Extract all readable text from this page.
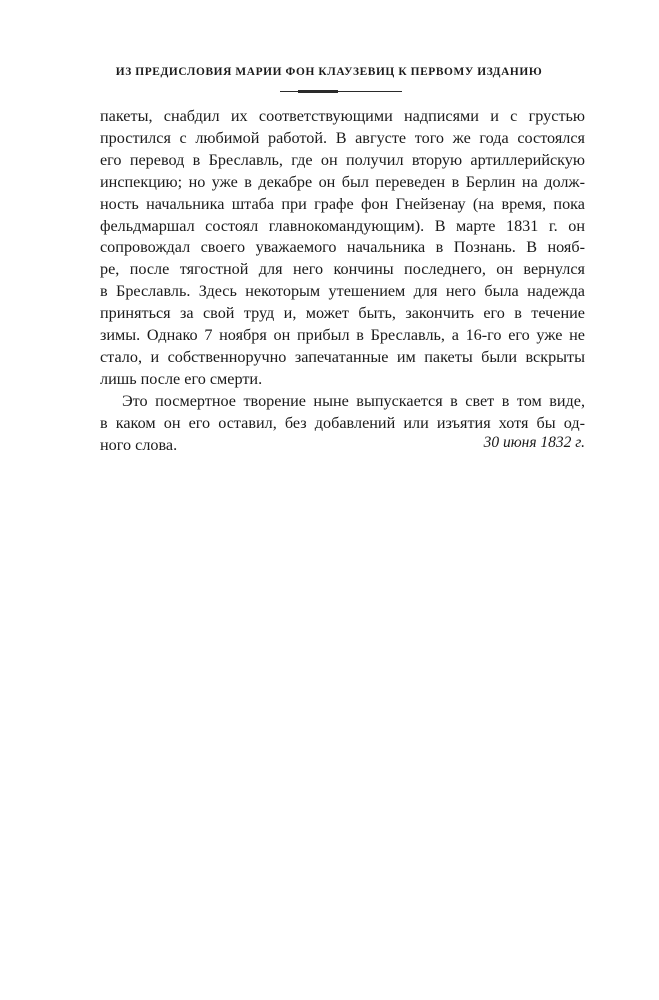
ИЗ ПРЕДИСЛОВИЯ МАРИИ ФОН КЛАУЗЕВИЦ К ПЕРВОМУ ИЗДАНИЮ
пакеты, снабдил их соответствующими надписями и с грустью
простился с любимой работой. В августе того же года состоялся
его перевод в Бреславль, где он получил вторую артиллерийскую
инспекцию; но уже в декабре он был переведен в Берлин на долж-
ность начальника штаба при графе фон Гнейзенау (на время, пока
фельдмаршал состоял главнокомандующим). В марте 1831 г. он
сопровождал своего уважаемого начальника в Познань. В нояб-
ре, после тягостной для него кончины последнего, он вернулся
в Бреславль. Здесь некоторым утешением для него была надежда
приняться за свой труд и, может быть, закончить его в течение
зимы. Однако 7 ноября он прибыл в Бреславль, а 16-го его уже не
стало, и собственноручно запечатанные им пакеты были вскрыты
лишь после его смерти.
Это посмертное творение ныне выпускается в свет в том виде,
в каком он его оставил, без добавлений или изъятия хотя бы од-
ного слова.	30 июня 1832 г.
